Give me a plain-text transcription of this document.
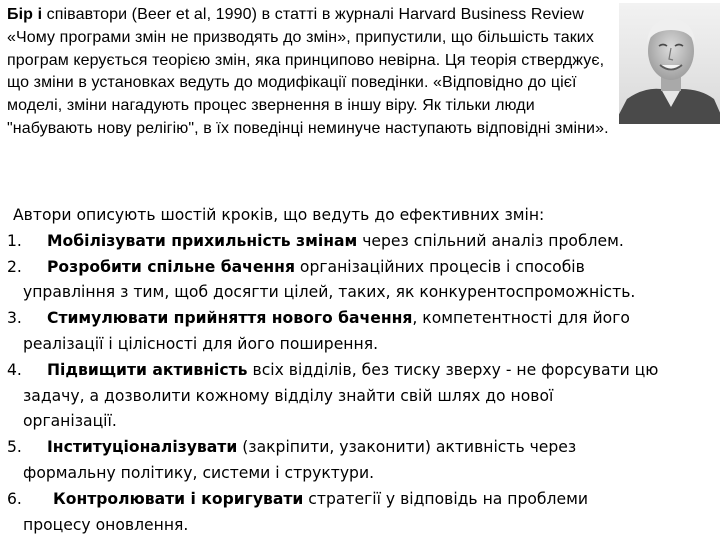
Бір і співавтори (Beer et al, 1990) в статті в журналі Harvard Business Review «Чому програми змін не призводять до змін», припустили, що більшість таких програм керується теорією змін, яка принципово невірна. Ця теорія стверджує, що зміни в установках ведуть до модифікації поведінки. «Відповідно до цієї моделі, зміни нагадують процес звернення в іншу віру. Як тільки люди "набувають нову релігію", в їх поведінці неминуче наступають відповідні зміни».
Автори описують шостій кроків, що ведуть до ефективних змін:
1. Мобілізувати прихильність змінам через спільний аналіз проблем.
2. Розробити спільне бачення організаційних процесів і способів
управління з тим, щоб досягти цілей, таких, як конкурентоспроможність.
3. Стимулювати прийняття нового бачення, компетентності для його
реалізації і цілісності для його поширення.
4. Підвищити активність всіх відділів, без тиску зверху - не форсувати цю
задачу, а дозволити кожному відділу знайти свій шлях до нової
організації.
5. Інституціоналізувати (закріпити, узаконити) активність через
формальну політику, системи і структури.
6. Контролювати і коригувати стратегії у відповідь на проблеми
процесу оновлення.
